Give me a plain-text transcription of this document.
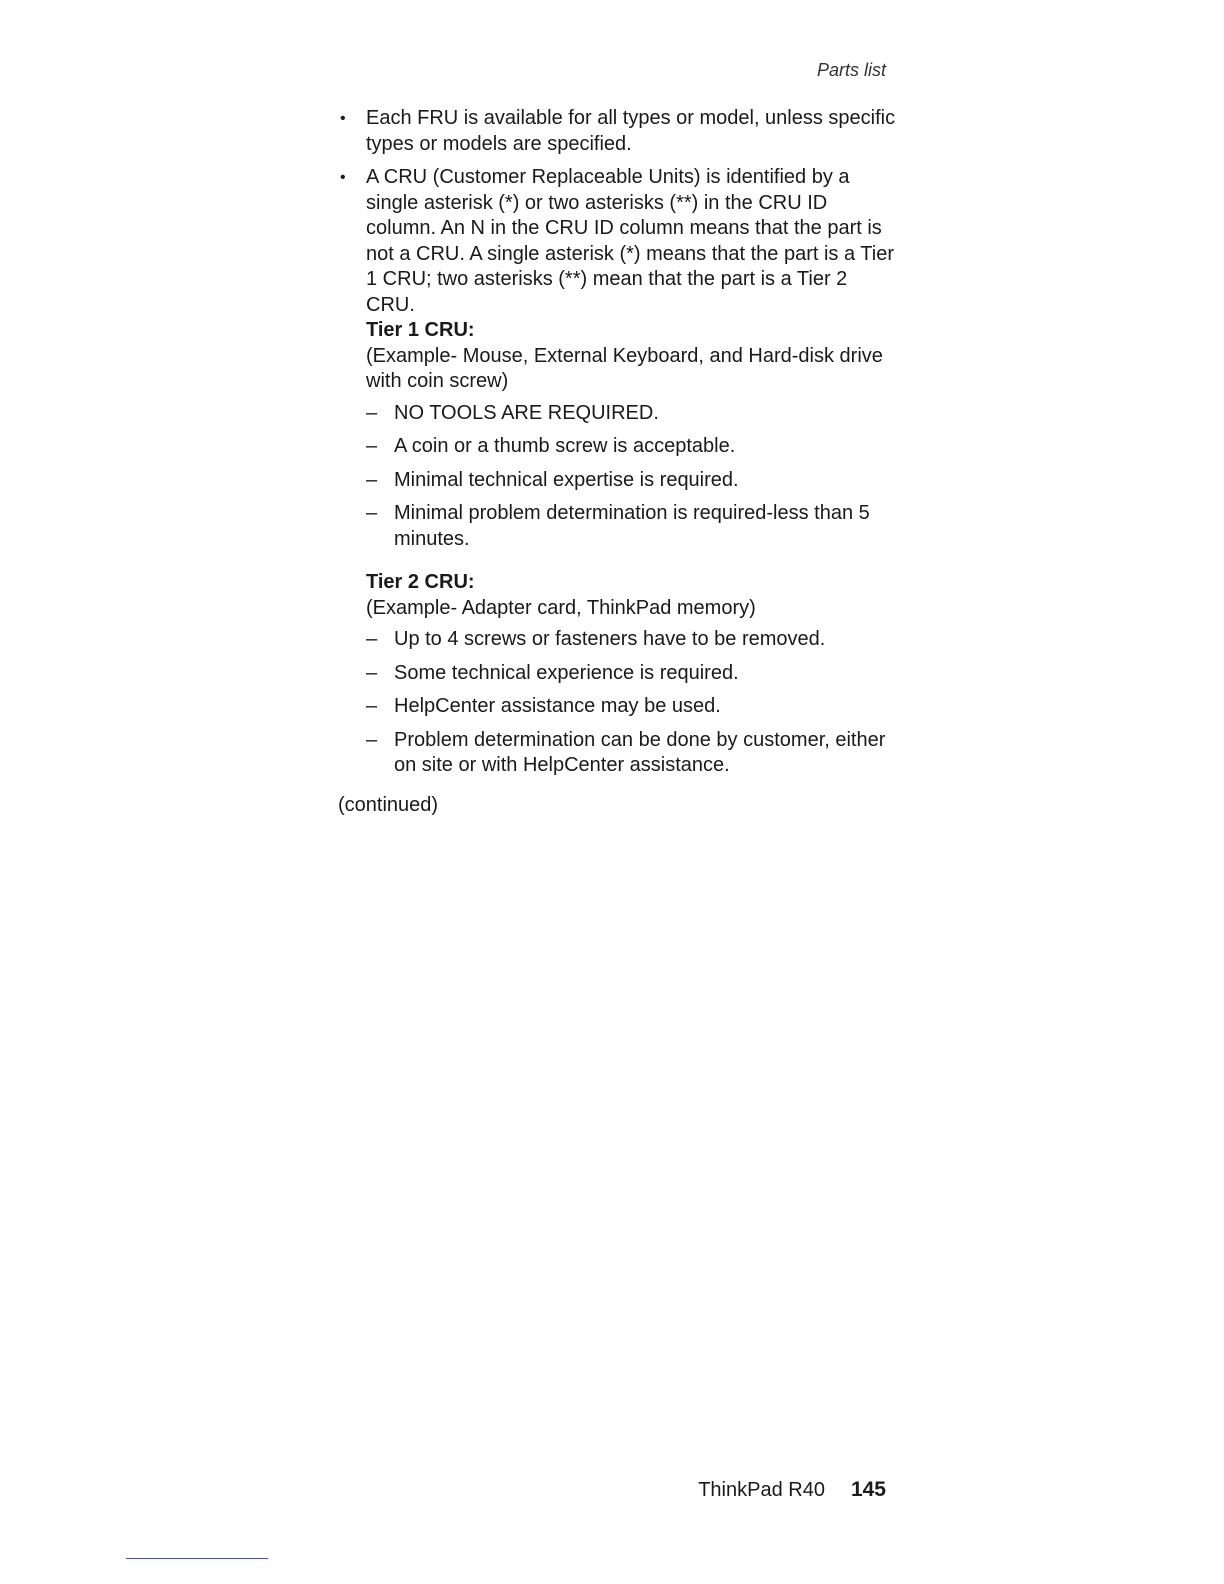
Parts list
• Each FRU is available for all types or model, unless specific types or models are specified.
• A CRU (Customer Replaceable Units) is identified by a single asterisk (*) or two asterisks (**) in the CRU ID column. An N in the CRU ID column means that the part is not a CRU. A single asterisk (*) means that the part is a Tier 1 CRU; two asterisks (**) mean that the part is a Tier 2 CRU.
Tier 1 CRU:
(Example- Mouse, External Keyboard, and Hard-disk drive with coin screw)
– NO TOOLS ARE REQUIRED.
– A coin or a thumb screw is acceptable.
– Minimal technical expertise is required.
– Minimal problem determination is required-less than 5 minutes.
Tier 2 CRU:
(Example- Adapter card, ThinkPad memory)
– Up to 4 screws or fasteners have to be removed.
– Some technical experience is required.
– HelpCenter assistance may be used.
– Problem determination can be done by customer, either on site or with HelpCenter assistance.
(continued)
ThinkPad R40 145
